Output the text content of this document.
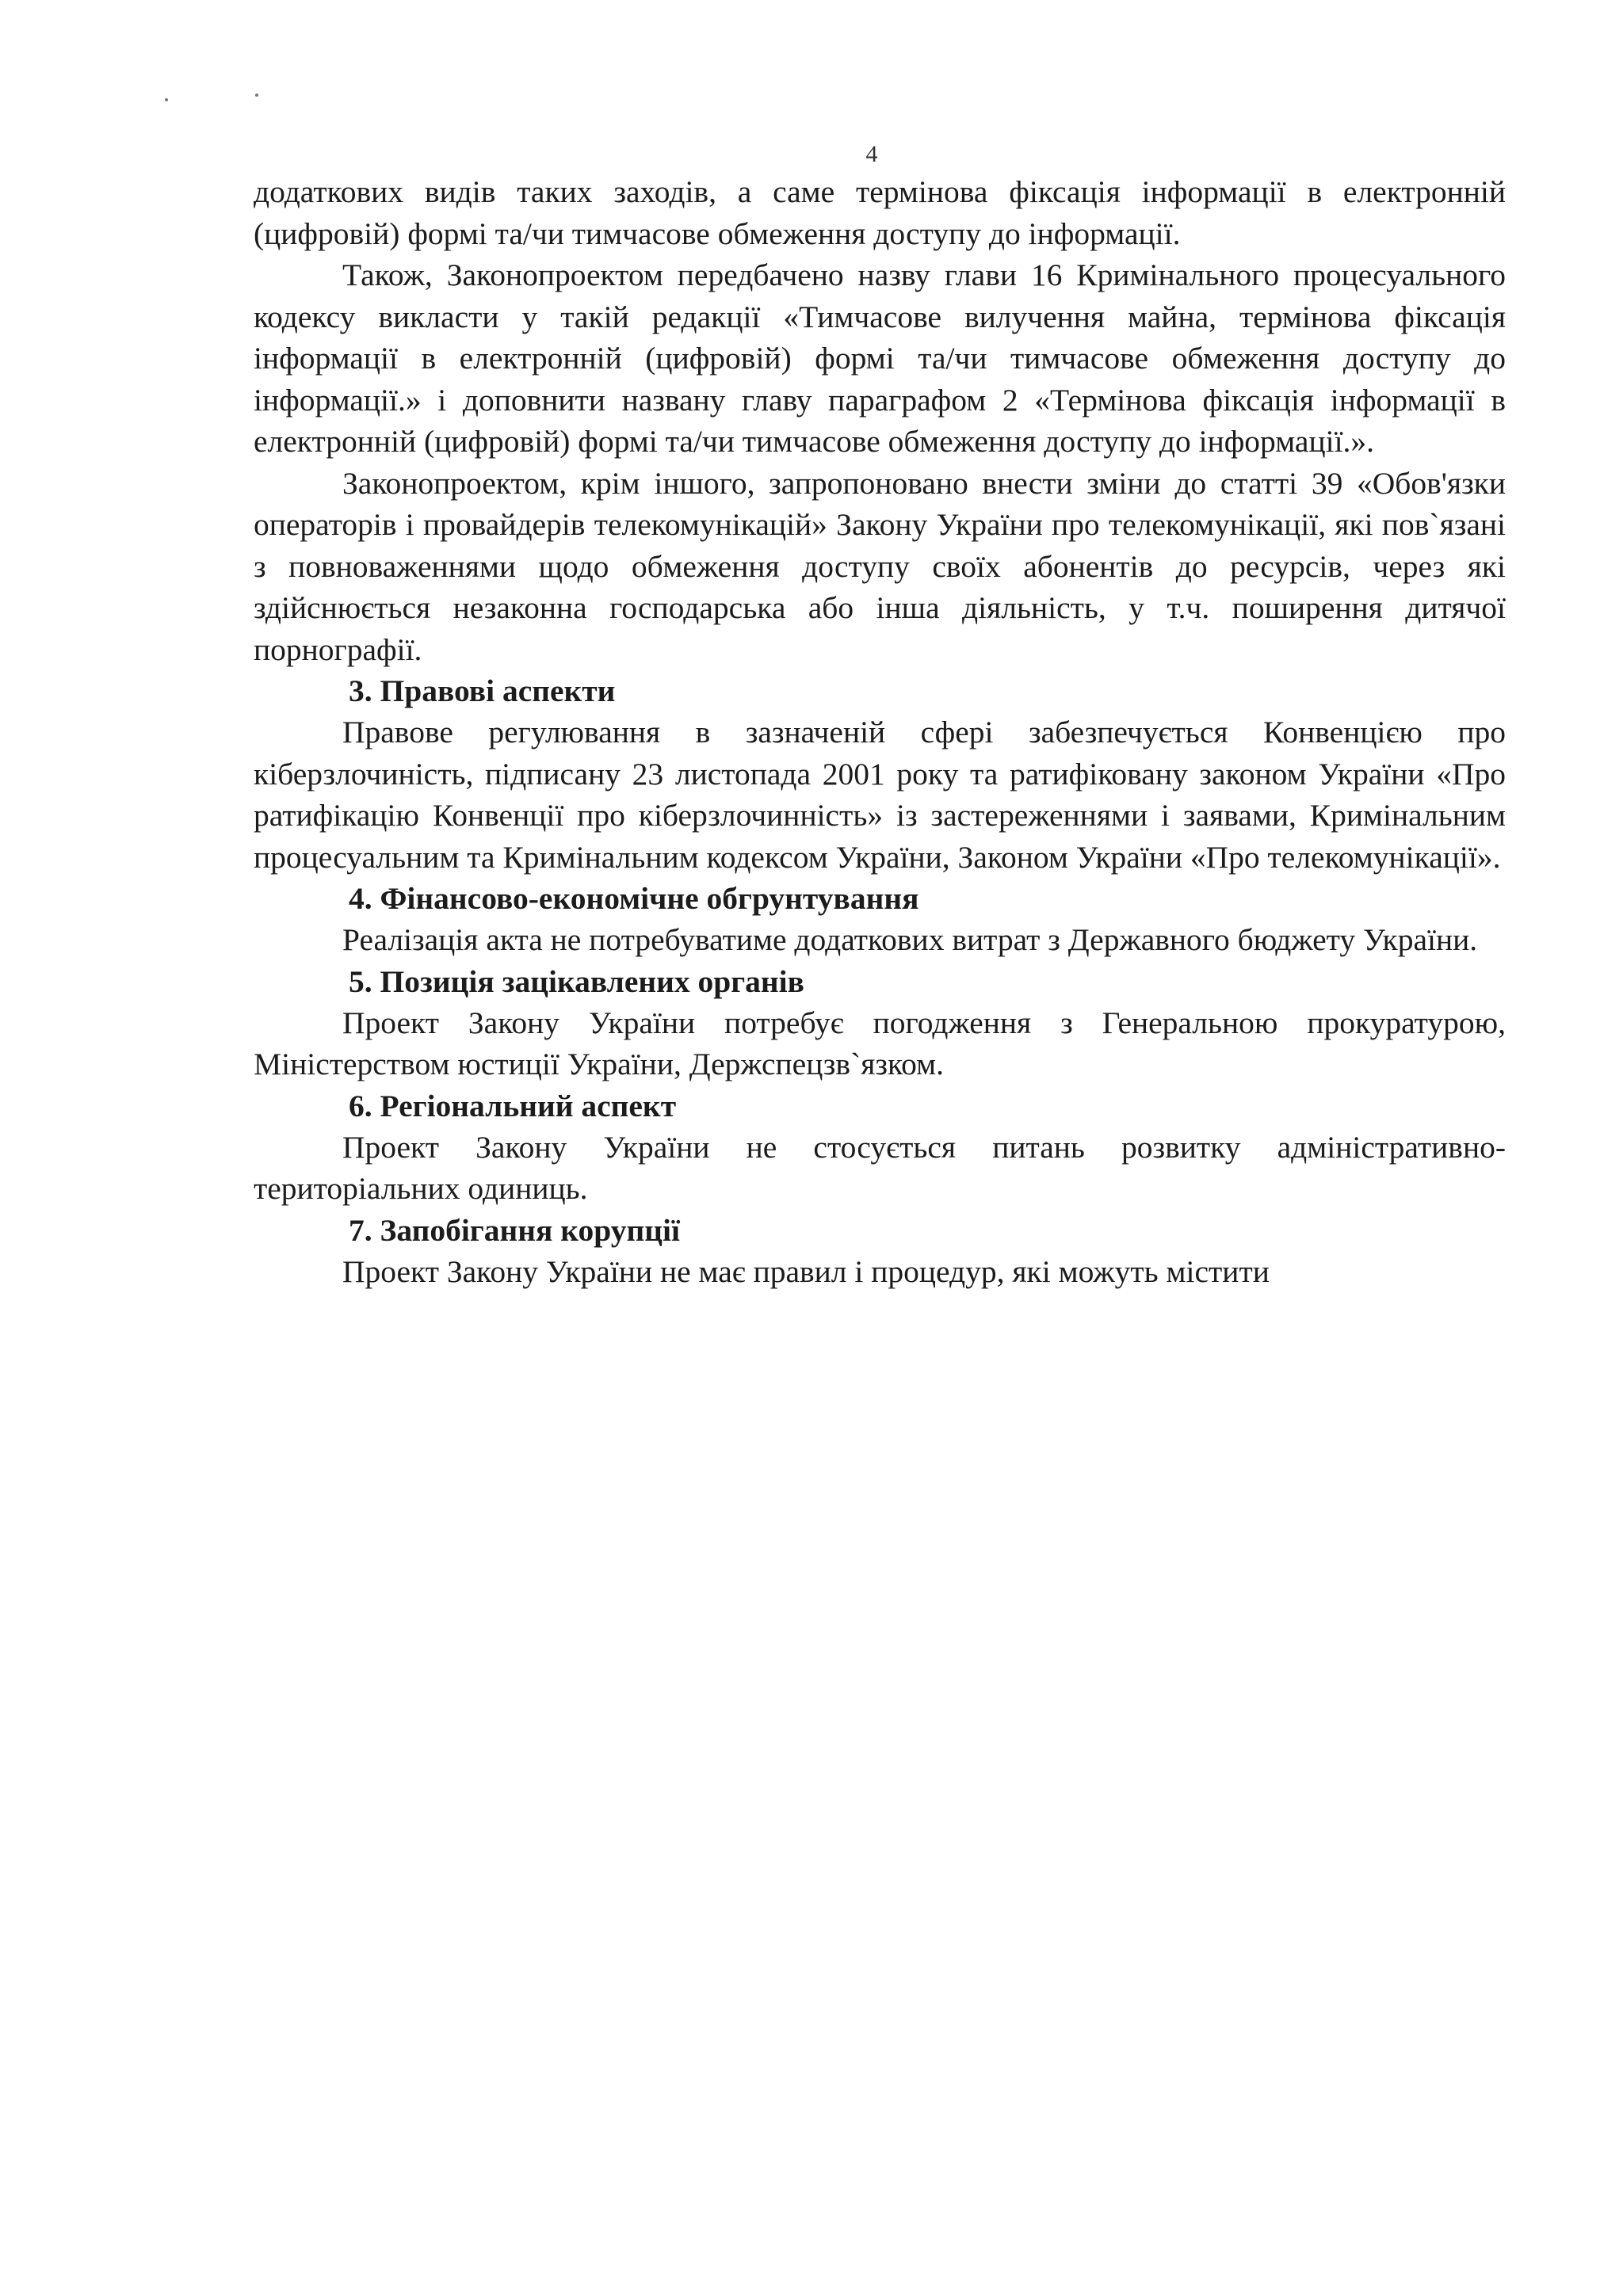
4

додаткових видів таких заходів, а саме термінова фіксація інформації в електронній (цифровій) формі та/чи тимчасове обмеження доступу до інформації.

Також, Законопроектом передбачено назву глави 16 Кримінального процесуального кодексу викласти у такій редакції «Тимчасове вилучення майна, термінова фіксація інформації в електронній (цифровій) формі та/чи тимчасове обмеження доступу до інформації.» і доповнити названу главу параграфом 2 «Термінова фіксація інформації в електронній (цифровій) формі та/чи тимчасове обмеження доступу до інформації.».

Законопроектом, крім іншого, запропоновано внести зміни до статті 39 «Обов'язки операторів і провайдерів телекомунікацій» Закону України про телекомунікації, які пов`язані з повноваженнями щодо обмеження доступу своїх абонентів до ресурсів, через які здійснюється незаконна господарська або інша діяльність, у т.ч. поширення дитячої порнографії.

3. Правові аспекти

Правове регулювання в зазначеній сфері забезпечується Конвенцією про кіберзлочиність, підписану 23 листопада 2001 року та ратифіковану законом України «Про ратифікацію Конвенції про кіберзлочинність» із застереженнями і заявами, Кримінальним процесуальним та Кримінальним кодексом України, Законом України «Про телекомунікації».

4. Фінансово-економічне обгрунтування

Реалізація акта не потребуватиме додаткових витрат з Державного бюджету України.

5. Позиція зацікавлених органів

Проект Закону України потребує погодження з Генеральною прокуратурою, Міністерством юстиції України, Держспецзв`язком.

6. Регіональний аспект

Проект Закону України не стосується питань розвитку адміністративно-територіальних одиниць.

7. Запобігання корупції

Проект Закону України не має правил і процедур, які можуть містити
